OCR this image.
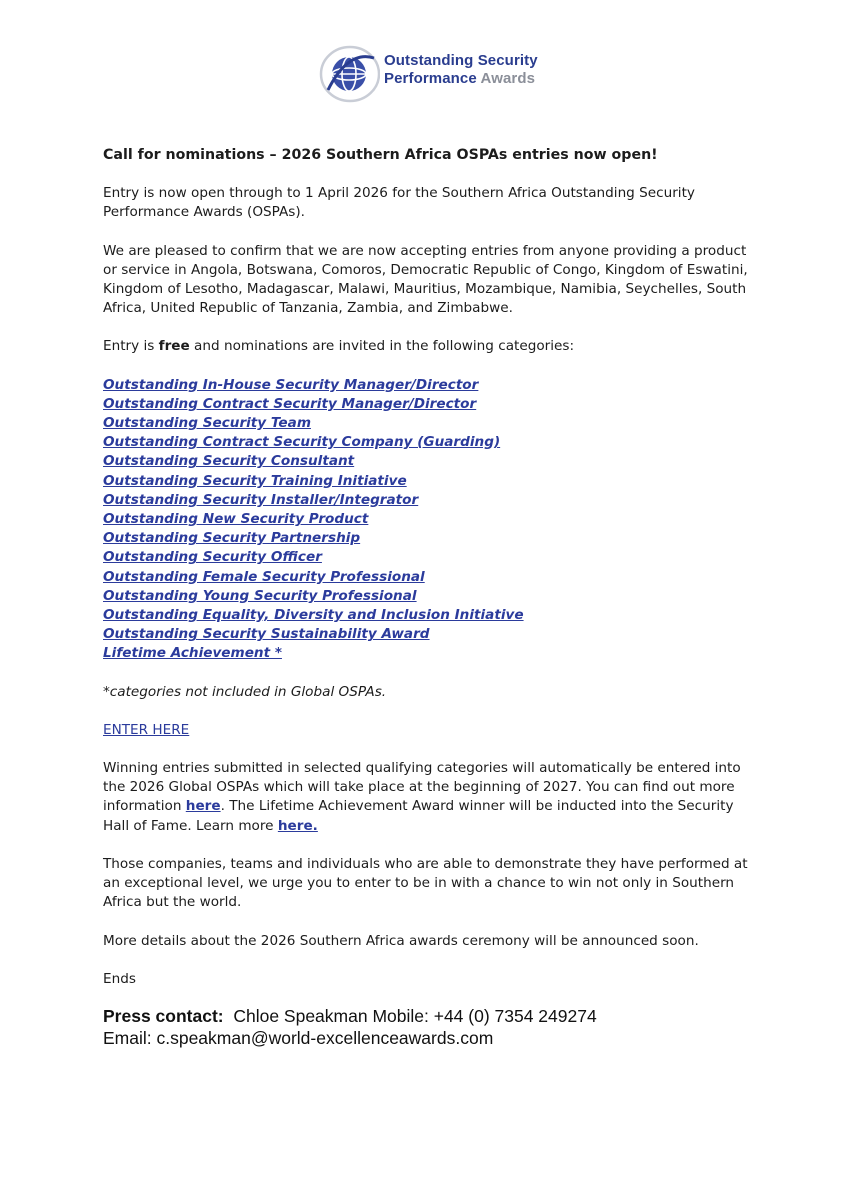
Outstanding Security
Performance Awards

Call for nominations – 2026 Southern Africa OSPAs entries now open!

Entry is now open through to 1 April 2026 for the Southern Africa Outstanding Security Performance Awards (OSPAs).

We are pleased to confirm that we are now accepting entries from anyone providing a product or service in Angola, Botswana, Comoros, Democratic Republic of Congo, Kingdom of Eswatini, Kingdom of Lesotho, Madagascar, Malawi, Mauritius, Mozambique, Namibia, Seychelles, South Africa, United Republic of Tanzania, Zambia, and Zimbabwe.

Entry is free and nominations are invited in the following categories:

Outstanding In-House Security Manager/Director
Outstanding Contract Security Manager/Director
Outstanding Security Team
Outstanding Contract Security Company (Guarding)
Outstanding Security Consultant
Outstanding Security Training Initiative
Outstanding Security Installer/Integrator
Outstanding New Security Product
Outstanding Security Partnership
Outstanding Security Officer
Outstanding Female Security Professional
Outstanding Young Security Professional
Outstanding Equality, Diversity and Inclusion Initiative
Outstanding Security Sustainability Award
Lifetime Achievement *

*categories not included in Global OSPAs.

ENTER HERE

Winning entries submitted in selected qualifying categories will automatically be entered into the 2026 Global OSPAs which will take place at the beginning of 2027. You can find out more information here. The Lifetime Achievement Award winner will be inducted into the Security Hall of Fame. Learn more here.

Those companies, teams and individuals who are able to demonstrate they have performed at an exceptional level, we urge you to enter to be in with a chance to win not only in Southern Africa but the world.

More details about the 2026 Southern Africa awards ceremony will be announced soon.

Ends

Press contact:  Chloe Speakman Mobile: +44 (0) 7354 249274
Email: c.speakman@world-excellenceawards.com
